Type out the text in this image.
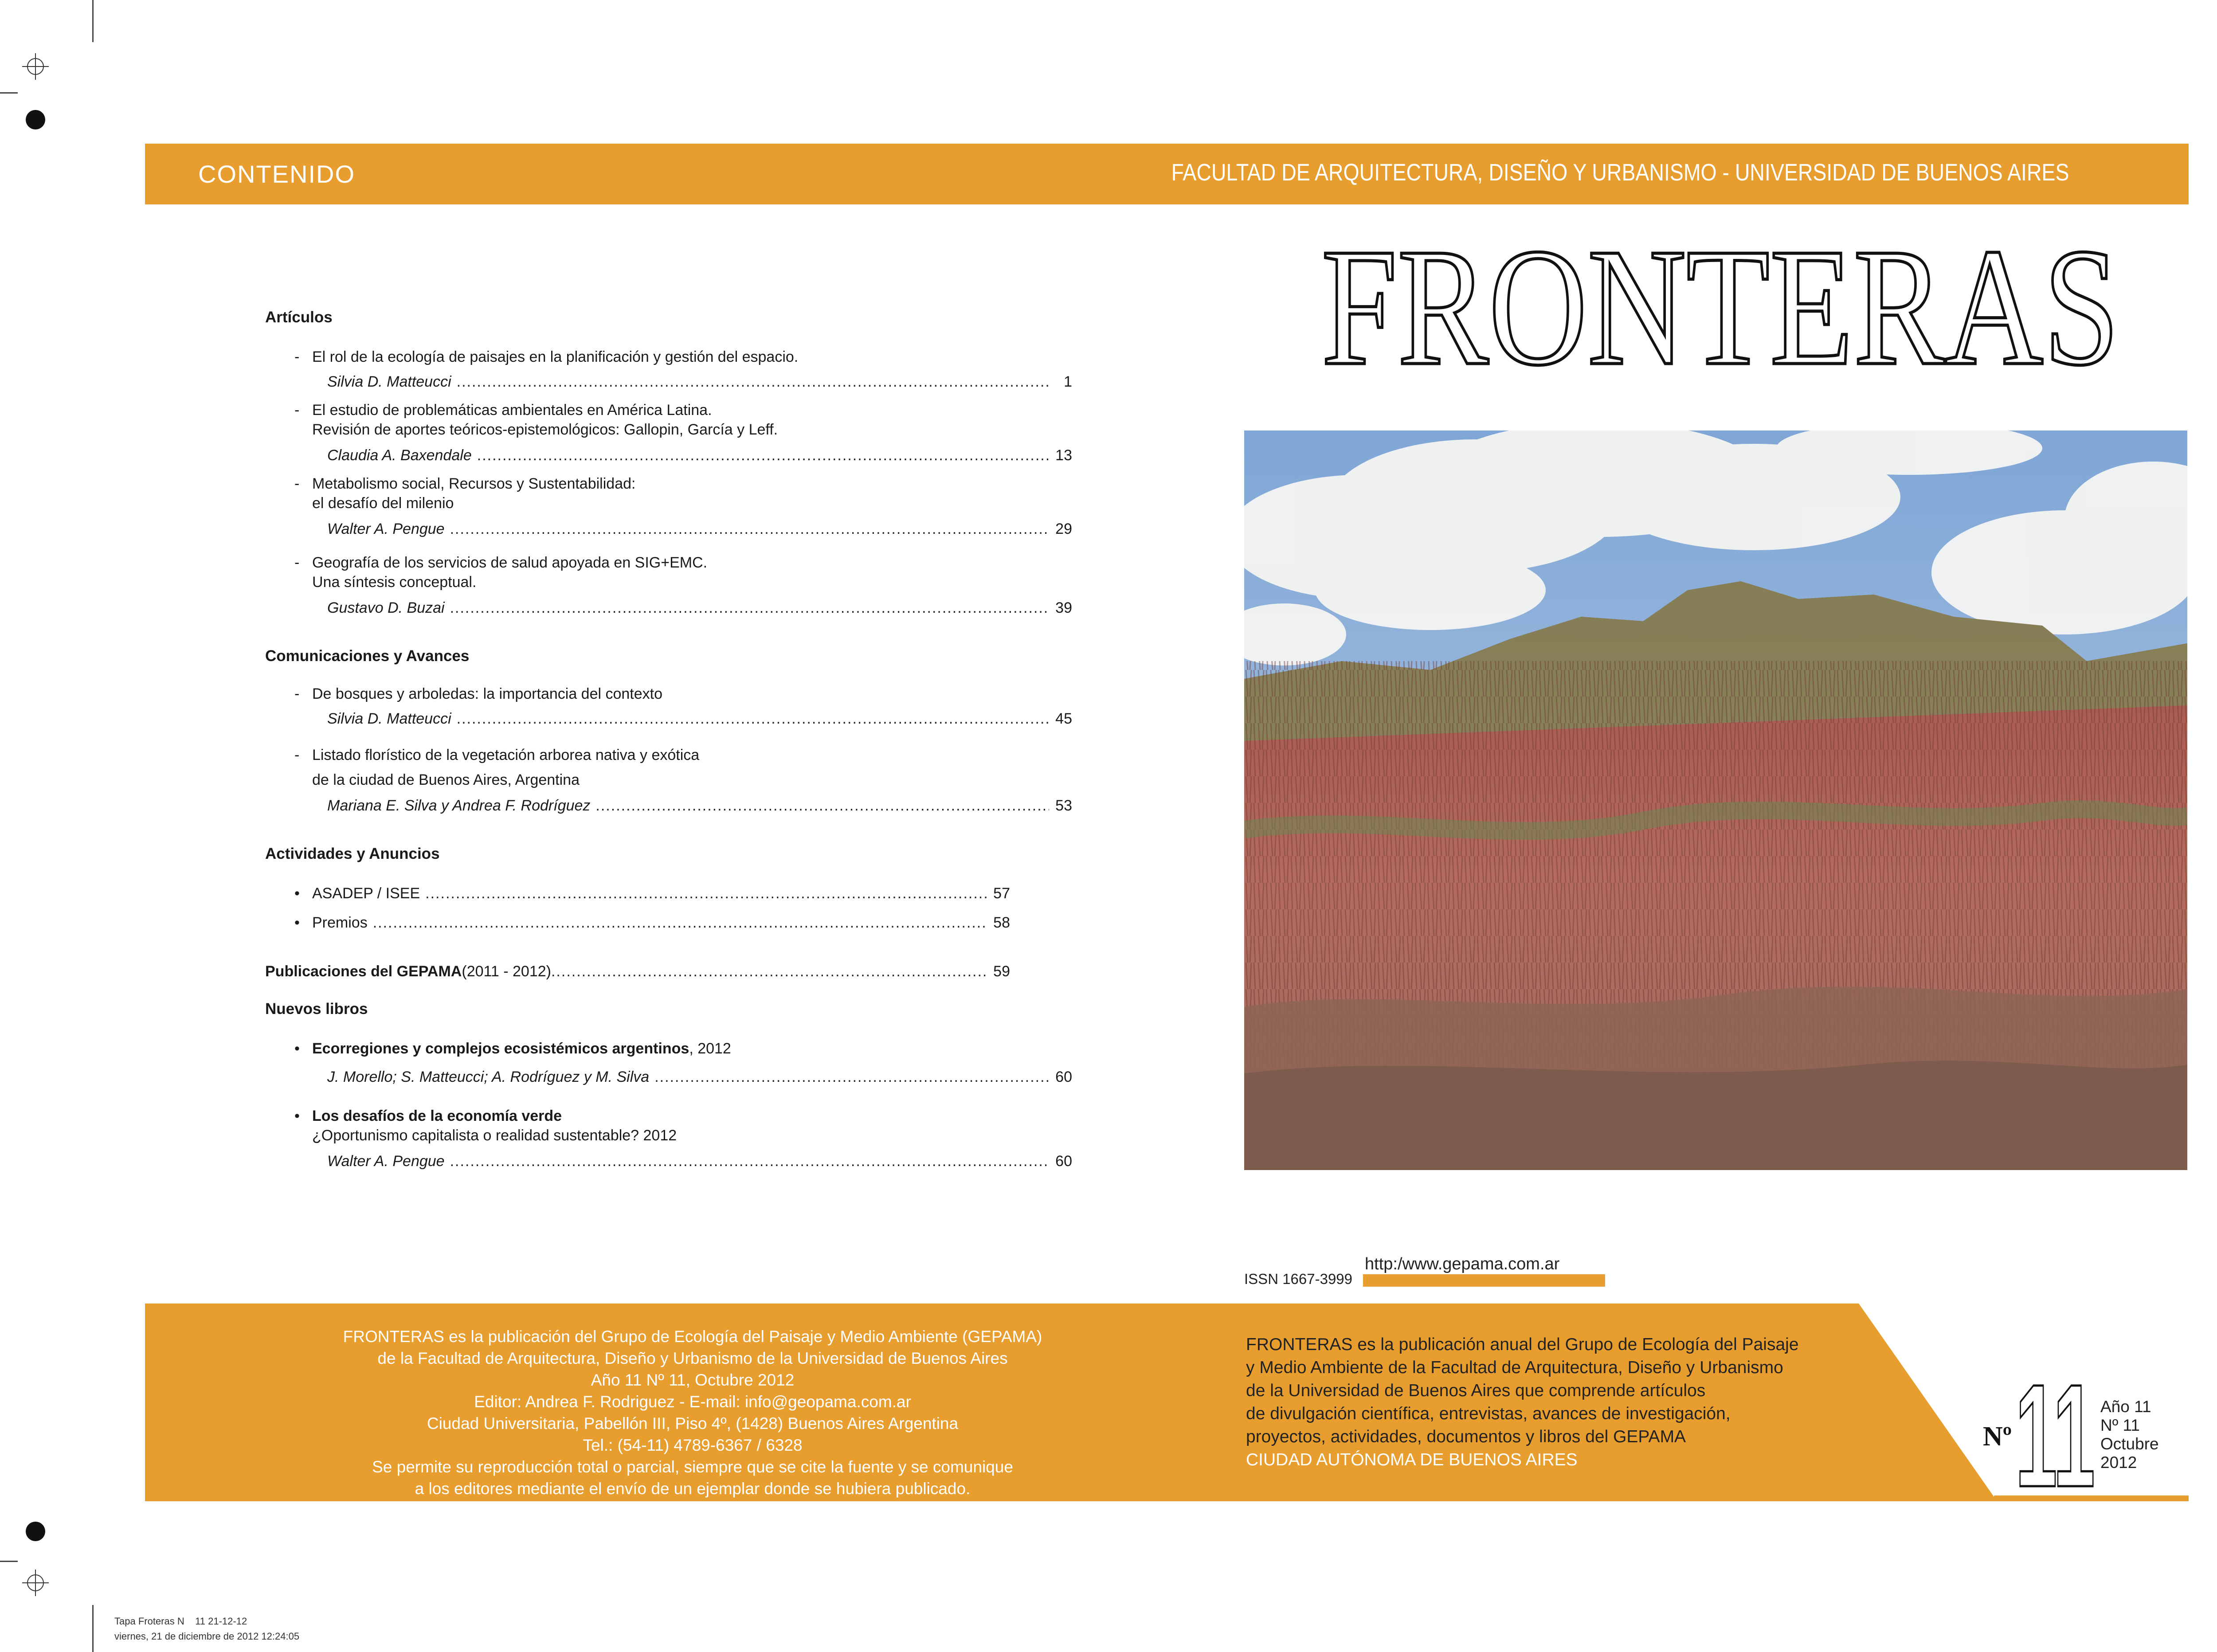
CONTENIDO	FACULTAD DE ARQUITECTURA, DISEÑO Y URBANISMO - UNIVERSIDAD DE BUENOS AIRES
Artículos
- El rol de la ecología de paisajes en la planificación y gestión del espacio.
Silvia D. Matteucci .....	1
- El estudio de problemáticas ambientales en América Latina.
Revisión de aportes teóricos-epistemológicos: Gallopin, García y Leff.
Claudia A. Baxendale .....	13
- Metabolismo social, Recursos y Sustentabilidad:
el desafío del milenio
Walter A. Pengue .....	29
- Geografía de los servicios de salud apoyada en SIG+EMC.
Una síntesis conceptual.
Gustavo D. Buzai .....	39
Comunicaciones y Avances
- De bosques y arboledas: la importancia del contexto
Silvia D. Matteucci .....	45
- Listado florístico de la vegetación arborea nativa y exótica
de la ciudad de Buenos Aires, Argentina
Mariana E. Silva y Andrea F. Rodríguez .....	53
Actividades y Anuncios
• ASADEP / ISEE .....	57
• Premios .....	58
Publicaciones del GEPAMA (2011 - 2012) .....	59
Nuevos libros
• Ecorregiones y complejos ecosistémicos argentinos, 2012
J. Morello; S. Matteucci; A. Rodríguez y M. Silva .....	60
• Los desafíos de la economía verde
¿Oportunismo capitalista o realidad sustentable? 2012
Walter A. Pengue .....	60
FRONTERAS
http:/www.gepama.com.ar
ISSN 1667-3999
FRONTERAS es la publicación del Grupo de Ecología del Paisaje y Medio Ambiente (GEPAMA)
de la Facultad de Arquitectura, Diseño y Urbanismo de la Universidad de Buenos Aires
Año 11 Nº 11, Octubre 2012
Editor: Andrea F. Rodriguez - E-mail: info@geopama.com.ar
Ciudad Universitaria, Pabellón III, Piso 4º, (1428) Buenos Aires Argentina
Tel.: (54-11) 4789-6367 / 6328
Se permite su reproducción total o parcial, siempre que se cite la fuente y se comunique
a los editores mediante el envío de un ejemplar donde se hubiera publicado.
FRONTERAS es la publicación anual del Grupo de Ecología del Paisaje
y Medio Ambiente de la Facultad de Arquitectura, Diseño y Urbanismo
de la Universidad de Buenos Aires que comprende artículos
de divulgación científica, entrevistas, avances de investigación,
proyectos, actividades, documentos y libros del GEPAMA
CIUDAD AUTÓNOMA DE BUENOS AIRES
Nº 11 Año 11
Nº 11
Octubre
2012
Tapa Froteras N    11 21-12-12
viernes, 21 de diciembre de 2012 12:24:05
